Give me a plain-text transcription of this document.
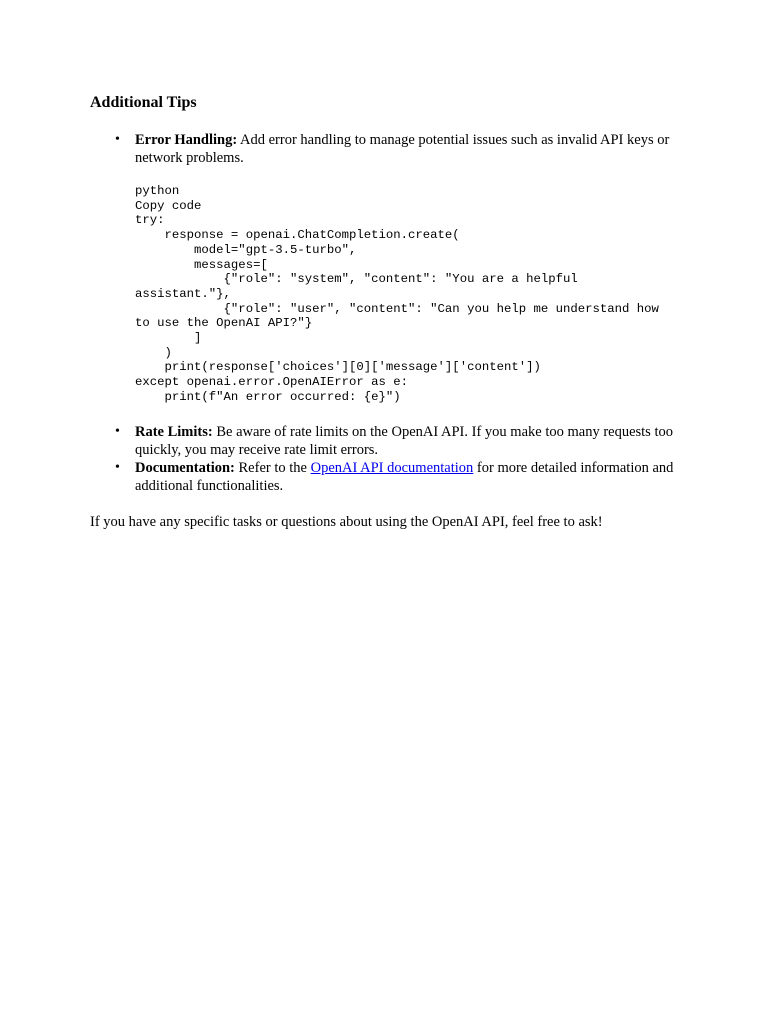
Additional Tips
• Error Handling: Add error handling to manage potential issues such as invalid API keys or network problems.
• Rate Limits: Be aware of rate limits on the OpenAI API. If you make too many requests too quickly, you may receive rate limit errors.
• Documentation: Refer to the OpenAI API documentation for more detailed information and additional functionalities.
python
Copy code
try:
response = openai.ChatCompletion.create(
model="gpt-3.5-turbo",
messages=[
{"role": "system", "content": "You are a helpful
assistant."},
{"role": "user", "content": "Can you help me understand how
to use the OpenAI API?"}
]
)
print(response['choices'][0]['message']['content'])
except openai.error.OpenAIError as e:
print(f"An error occurred: {e}")

If you have any specific tasks or questions about using the OpenAI API, feel free to ask!
